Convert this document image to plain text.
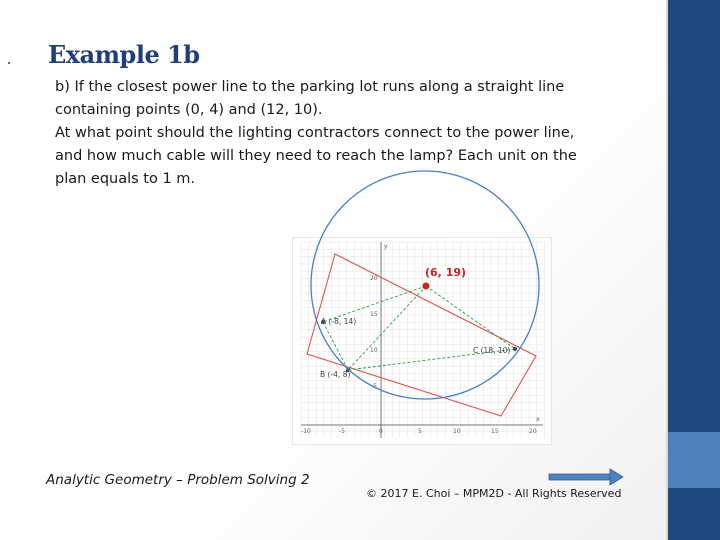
Example 1b

b) If the closest power line to the parking lot runs along a straight line

containing points (0, 4) and (12, 10).

At what point should the lighting contractors connect to the power line,

and how much cable will they need to reach the lamp? Each unit on the

plan equals to 1 m.

x
y
-10	-5	0	5	10	15	20
20
15
10
5
(6, 19)
A (-8, 14)
B (-4, 8)
C (18, 10)
Analytic Geometry – Problem Solving 2
© 2017 E. Choi – MPM2D - All Rights Reserved
